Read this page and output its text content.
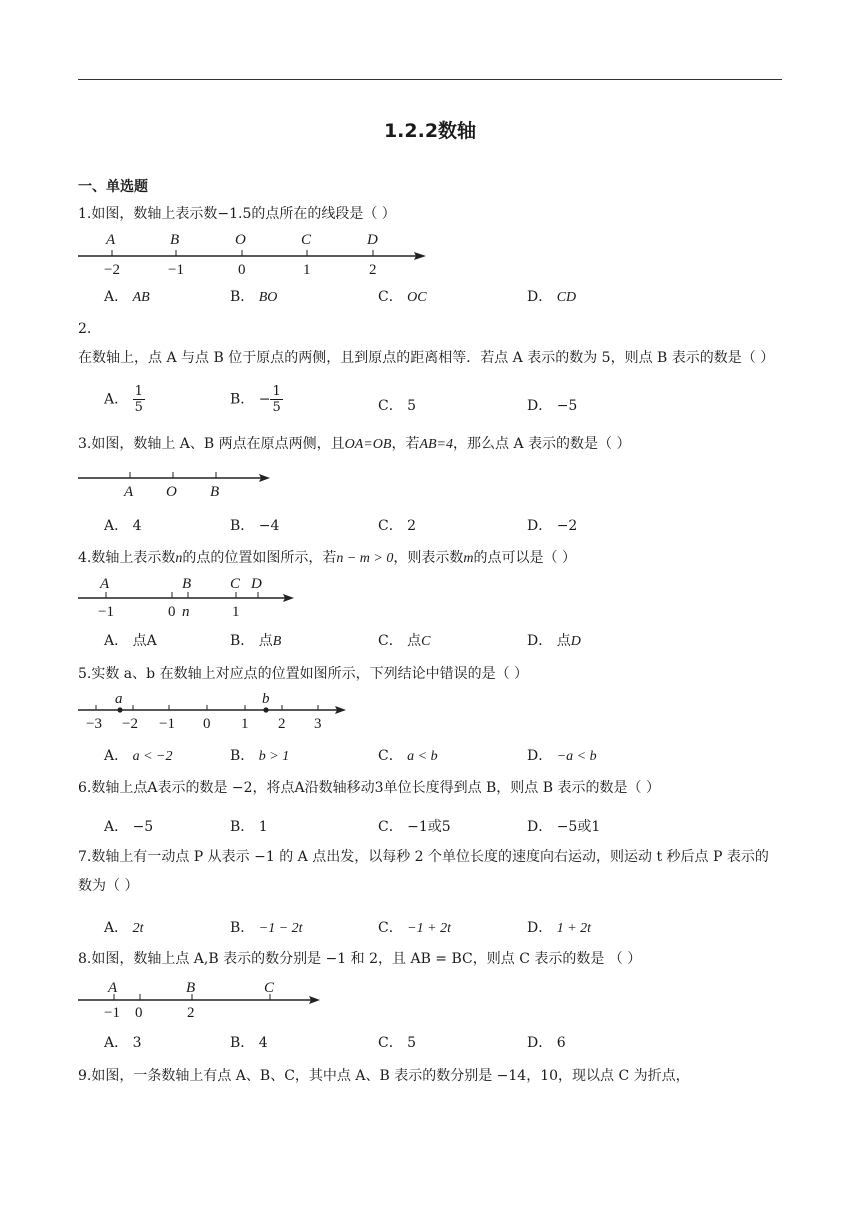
1.2.2数轴
一、单选题
1.如图，数轴上表示数−1.5的点所在的线段是（ ）
A	B	O	C	D
−2	−1	0	1	2
A． AB	B． BO	C． OC	D． CD
2.在数轴上，点 A 与点 B 位于原点的两侧，且到原点的距离相等．若点 A 表示的数为 5，则点 B 表示的数是（ ）
A． $\frac{1}{5}$	B． − $\frac{1}{5}$	C． 5	D． −5
3.如图，数轴上 A、B 两点在原点两侧，且OA=OB，若AB=4，那么点 A 表示的数是（ ）
A O B
A． 4	B． −4	C． 2	D． −2
4.数轴上表示数n的点的位置如图所示，若n − m > 0，则表示数m的点可以是（ ）
A	B	C D
−1	0 n	1
A． 点A	B． 点B	C． 点C	D． 点D
5.实数 a、b 在数轴上对应点的位置如图所示，下列结论中错误的是（ ）
a	b
−3 −2 −1 0 1 2 3
A． a < −2	B． b > 1	C． a < b	D． −a < b
6.数轴上点A表示的数是 −2，将点A沿数轴移动3单位长度得到点 B，则点 B 表示的数是（ ）
A． −5	B． 1	C． −1或5	D． −5或1
7.数轴上有一动点 P 从表示 −1 的 A 点出发，以每秒 2 个单位长度的速度向右运动，则运动 t 秒后点 P 表示的数为（ ）
A． 2t	B． −1 − 2t	C． −1 + 2t	D． 1 + 2t
8.如图，数轴上点 A,B 表示的数分别是 −1 和 2，且 AB = BC，则点 C 表示的数是 （ ）
A	B	C
−1 0	2
A． 3	B． 4	C． 5	D． 6
9.如图，一条数轴上有点 A、B、C，其中点 A、B 表示的数分别是 −14，10，现以点 C 为折点，
